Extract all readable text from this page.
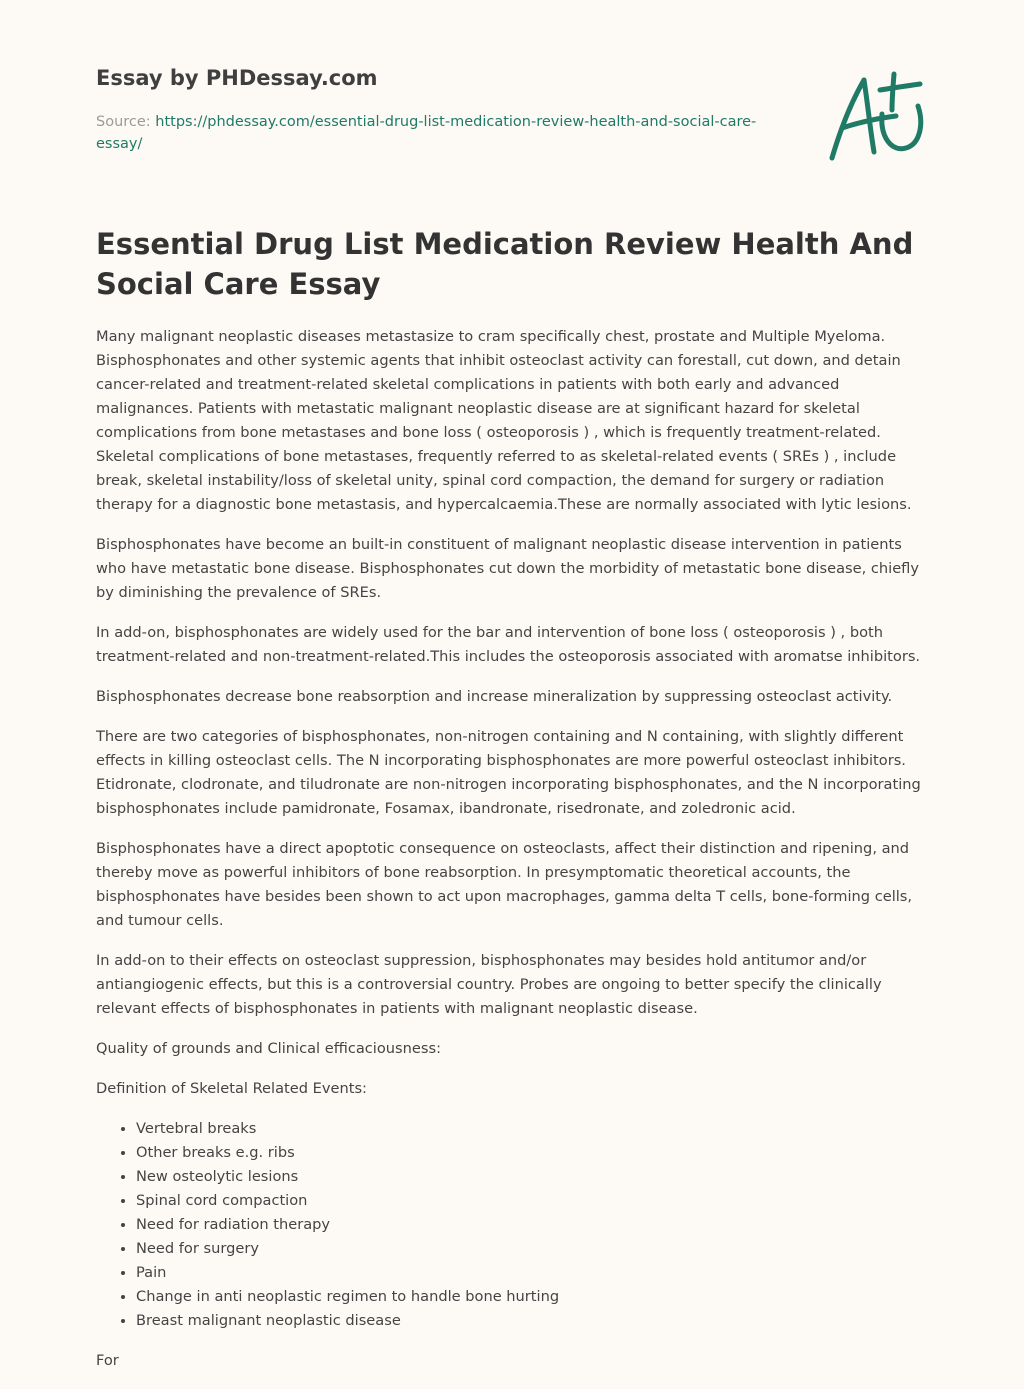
Essay by PHDessay.com
Source: https://phdessay.com/essential-drug-list-medication-review-health-and-social-care-essay/
Essential Drug List Medication Review Health And Social Care Essay

Many malignant neoplastic diseases metastasize to cram specifically chest, prostate and Multiple Myeloma. Bisphosphonates and other systemic agents that inhibit osteoclast activity can forestall, cut down, and detain cancer-related and treatment-related skeletal complications in patients with both early and advanced malignances. Patients with metastatic malignant neoplastic disease are at significant hazard for skeletal complications from bone metastases and bone loss ( osteoporosis ) , which is frequently treatment-related. Skeletal complications of bone metastases, frequently referred to as skeletal-related events ( SREs ) , include break, skeletal instability/loss of skeletal unity, spinal cord compaction, the demand for surgery or radiation therapy for a diagnostic bone metastasis, and hypercalcaemia.These are normally associated with lytic lesions.

Bisphosphonates have become an built-in constituent of malignant neoplastic disease intervention in patients who have metastatic bone disease. Bisphosphonates cut down the morbidity of metastatic bone disease, chiefly by diminishing the prevalence of SREs.

In add-on, bisphosphonates are widely used for the bar and intervention of bone loss ( osteoporosis ) , both treatment-related and non-treatment-related.This includes the osteoporosis associated with aromatse inhibitors.

Bisphosphonates decrease bone reabsorption and increase mineralization by suppressing osteoclast activity.

There are two categories of bisphosphonates, non-nitrogen containing and N containing, with slightly different effects in killing osteoclast cells. The N incorporating bisphosphonates are more powerful osteoclast inhibitors. Etidronate, clodronate, and tiludronate are non-nitrogen incorporating bisphosphonates, and the N incorporating bisphosphonates include pamidronate, Fosamax, ibandronate, risedronate, and zoledronic acid.

Bisphosphonates have a direct apoptotic consequence on osteoclasts, affect their distinction and ripening, and thereby move as powerful inhibitors of bone reabsorption. In presymptomatic theoretical accounts, the bisphosphonates have besides been shown to act upon macrophages, gamma delta T cells, bone-forming cells, and tumour cells.

In add-on to their effects on osteoclast suppression, bisphosphonates may besides hold antitumor and/or antiangiogenic effects, but this is a controversial country. Probes are ongoing to better specify the clinically relevant effects of bisphosphonates in patients with malignant neoplastic disease.

Quality of grounds and Clinical efficaciousness:

Definition of Skeletal Related Events:

• Vertebral breaks
• Other breaks e.g. ribs
• New osteolytic lesions
• Spinal cord compaction
• Need for radiation therapy
• Need for surgery
• Pain
• Change in anti neoplastic regimen to handle bone hurting
• Breast malignant neoplastic disease

For
